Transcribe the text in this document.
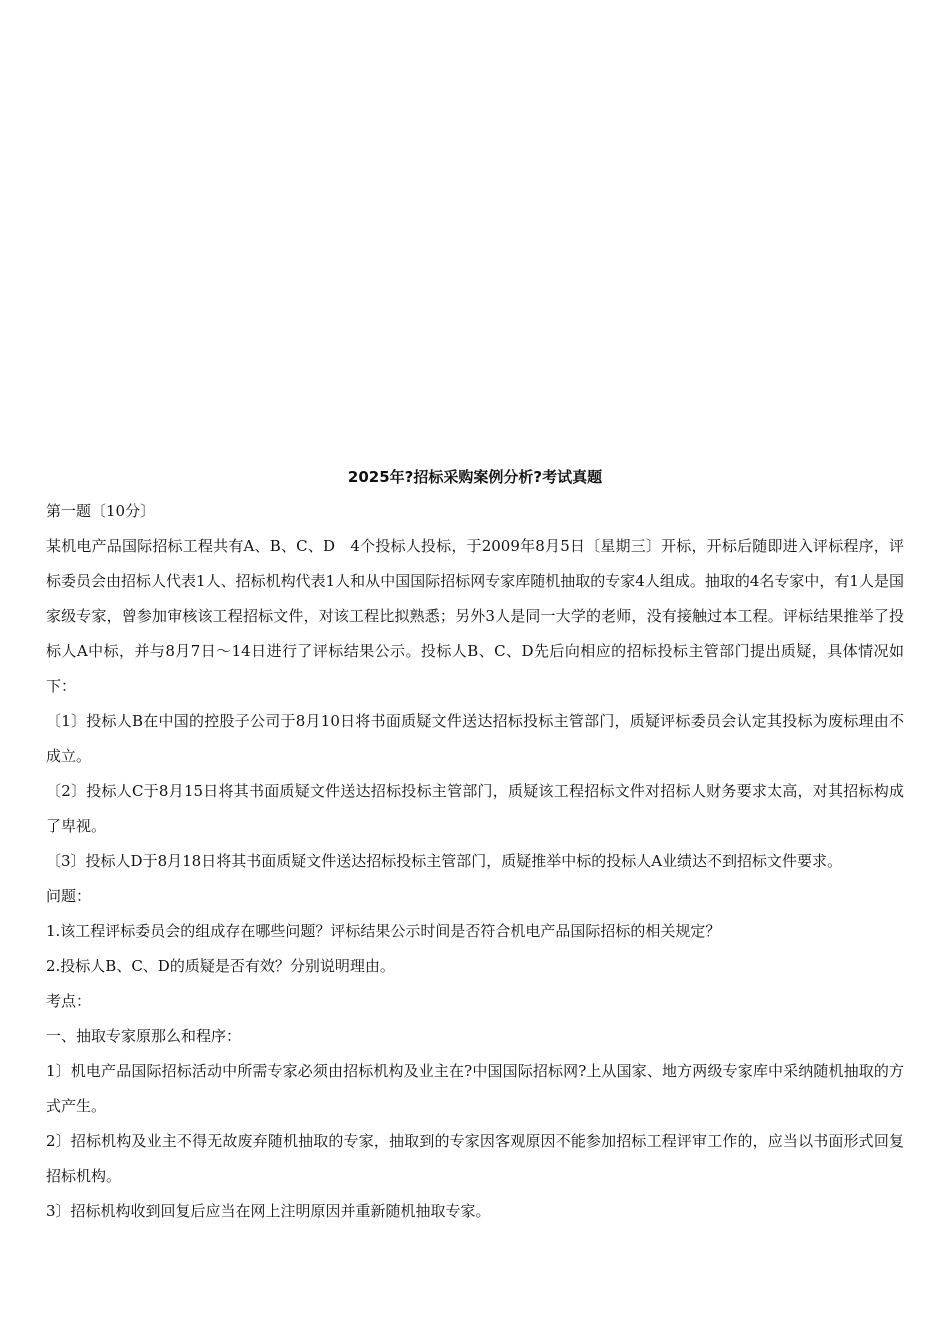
2025年?招标采购案例分析?考试真题

第一题〔10分〕

某机电产品国际招标工程共有A、B、C、D　4个投标人投标，于2009年8月5日〔星期三〕开标，开标后随即进入评标程序，评标委员会由招标人代表1人、招标机构代表1人和从中国国际招标网专家库随机抽取的专家4人组成。抽取的4名专家中，有1人是国家级专家，曾参加审核该工程招标文件，对该工程比拟熟悉；另外3人是同一大学的老师，没有接触过本工程。评标结果推举了投标人A中标，并与8月7日～14日进行了评标结果公示。投标人B、C、D先后向相应的招标投标主管部门提出质疑，具体情况如下：

〔1〕投标人B在中国的控股子公司于8月10日将书面质疑文件送达招标投标主管部门，质疑评标委员会认定其投标为废标理由不成立。

〔2〕投标人C于8月15日将其书面质疑文件送达招标投标主管部门，质疑该工程招标文件对招标人财务要求太高，对其招标构成了卑视。

〔3〕投标人D于8月18日将其书面质疑文件送达招标投标主管部门，质疑推举中标的投标人A业绩达不到招标文件要求。

问题：

1.该工程评标委员会的组成存在哪些问题？评标结果公示时间是否符合机电产品国际招标的相关规定？

2.投标人B、C、D的质疑是否有效？分别说明理由。

考点：

一、抽取专家原那么和程序：

1〕机电产品国际招标活动中所需专家必须由招标机构及业主在?中国国际招标网?上从国家、地方两级专家库中采纳随机抽取的方式产生。

2〕招标机构及业主不得无故废弃随机抽取的专家，抽取到的专家因客观原因不能参加招标工程评审工作的，应当以书面形式回复招标机构。

3〕招标机构收到回复后应当在网上注明原因并重新随机抽取专家。
